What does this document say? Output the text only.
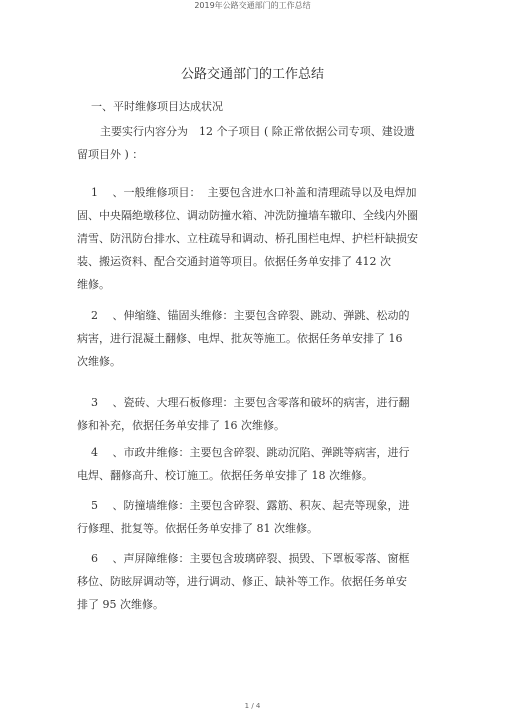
2019年公路交通部门的工作总结
公路交通部门的工作总结
一、平时维修项目达成状况
主要实行内容分为　12 个子项目 ( 除正常依据公司专项、建设遗
留项目外 ) ：
1　 、一般维修项目：  主要包含进水口补盖和清理疏导以及电焊加
固、中央隔绝墩移位、调动防撞水箱、冲洗防撞墙车辙印、全线内外圈
清雪、防汛防台排水、立柱疏导和调动、桥孔围栏电焊、护栏杆缺损安
装、搬运资料、配合交通封道等项目。依据任务单安排了 412 次
维修。
2　 、伸缩缝、锚固头维修：主要包含碎裂、跳动、弹跳、松动的
病害，进行混凝土翻修、电焊、批灰等施工。依据任务单安排了 16
次维修。
3　 、瓷砖、大理石板修理：主要包含零落和破坏的病害，进行翻
修和补充，依据任务单安排了 16 次维修。
4　 、市政井维修：主要包含碎裂、跳动沉陷、弹跳等病害，进行
电焊、翻修高升、校订施工。依据任务单安排了 18 次维修。
5　 、防撞墙维修：主要包含碎裂、露筋、积灰、起壳等现象，进
行修理、批复等。依据任务单安排了 81 次维修。
6　 、声屏障维修：主要包含玻璃碎裂、损毁、下罩板零落、窗框
移位、防眩屏调动等，进行调动、修正、缺补等工作。依据任务单安
排了 95 次维修。
1 / 4
